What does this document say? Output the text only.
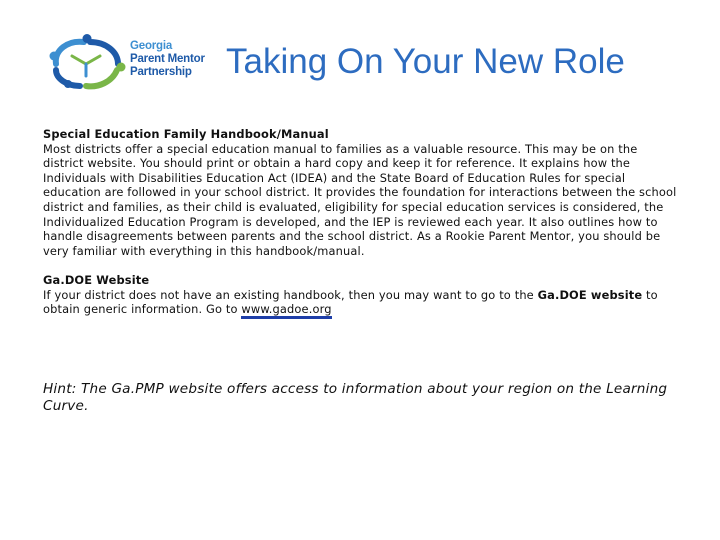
Georgia
Parent Mentor
Partnership Taking On Your New Role

Special Education Family Handbook/Manual

Most districts offer a special education manual to families as a valuable resource. This may be on the district website. You should print or obtain a hard copy and keep it for reference. It explains how the Individuals with Disabilities Education Act (IDEA) and the State Board of Education Rules for special education are followed in your school district. It provides the foundation for interactions between the school district and families, as their child is evaluated, eligibility for special education services is considered, the Individualized Education Program is developed, and the IEP is reviewed each year. It also outlines how to handle disagreements between parents and the school district. As a Rookie Parent Mentor, you should be very familiar with everything in this handbook/manual.

Ga.DOE Website

If your district does not have an existing handbook, then you may want to go to the Ga.DOE website to obtain generic information. Go to www.gadoe.org

Hint: The Ga.PMP website offers access to information about your region on the Learning Curve.
